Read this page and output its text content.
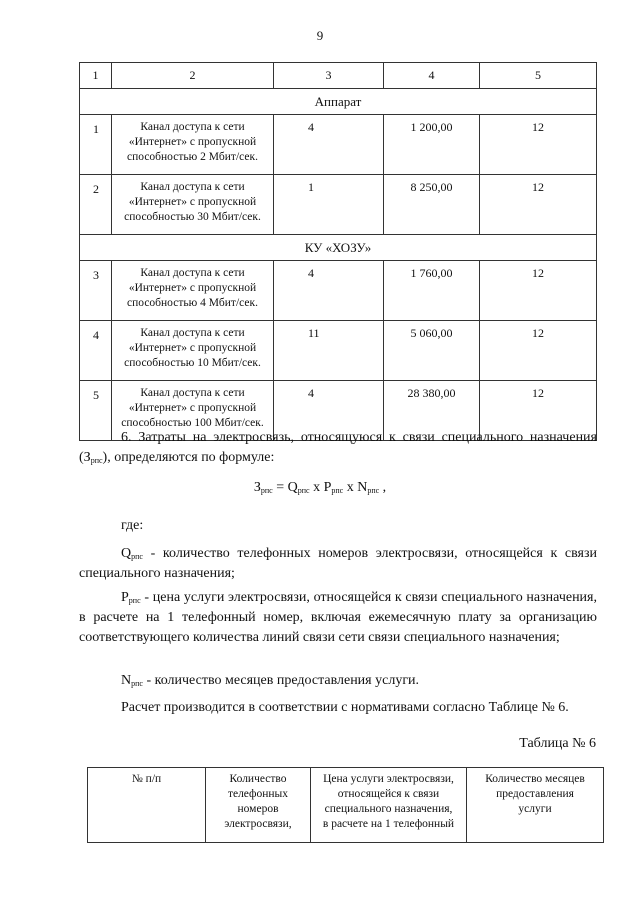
9
1	2	3	4	5
Аппарат				
1	Канал доступа к сети
«Интернет» с пропускной
способностью 2 Мбит/сек.	4	1 200,00	12
2	Канал доступа к сети
«Интернет» с пропускной
способностью 30 Мбит/сек.	1	8 250,00	12
КУ «ХОЗУ»				
3	Канал доступа к сети
«Интернет» с пропускной
способностью 4 Мбит/сек.	4	1 760,00	12
4	Канал доступа к сети
«Интернет» с пропускной
способностью 10 Мбит/сек.	11	5 060,00	12
5	Канал доступа к сети
«Интернет» с пропускной
способностью 100 Мбит/сек.	4	28 380,00	12
6. Затраты на электросвязь, относящуюся к связи специального назначения $(З_{рпс})$, определяются по формуле:
$З_{рпс} = Q_{рпс}$ x $P_{рпс}$ x $N_{рпс}$ ,
где:
$Q_{рпс}$ - количество телефонных номеров электросвязи, относящейся к связи специального назначения;
$P_{рпс}$ - цена услуги электросвязи, относящейся к связи специального назначения, в расчете на 1 телефонный номер, включая ежемесячную плату за организацию соответствующего количества линий связи сети связи специального назначения;
$N_{рпс}$ - количество месяцев предоставления услуги.
Расчет производится в соответствии с нормативами согласно Таблице № 6.
Таблица № 6
№ п/п	Количество
телефонных
номеров
электросвязи,	Цена услуги электросвязи,
относящейся к связи
специального назначения,
в расчете на 1 телефонный	Количество месяцев
предоставления
услуги
